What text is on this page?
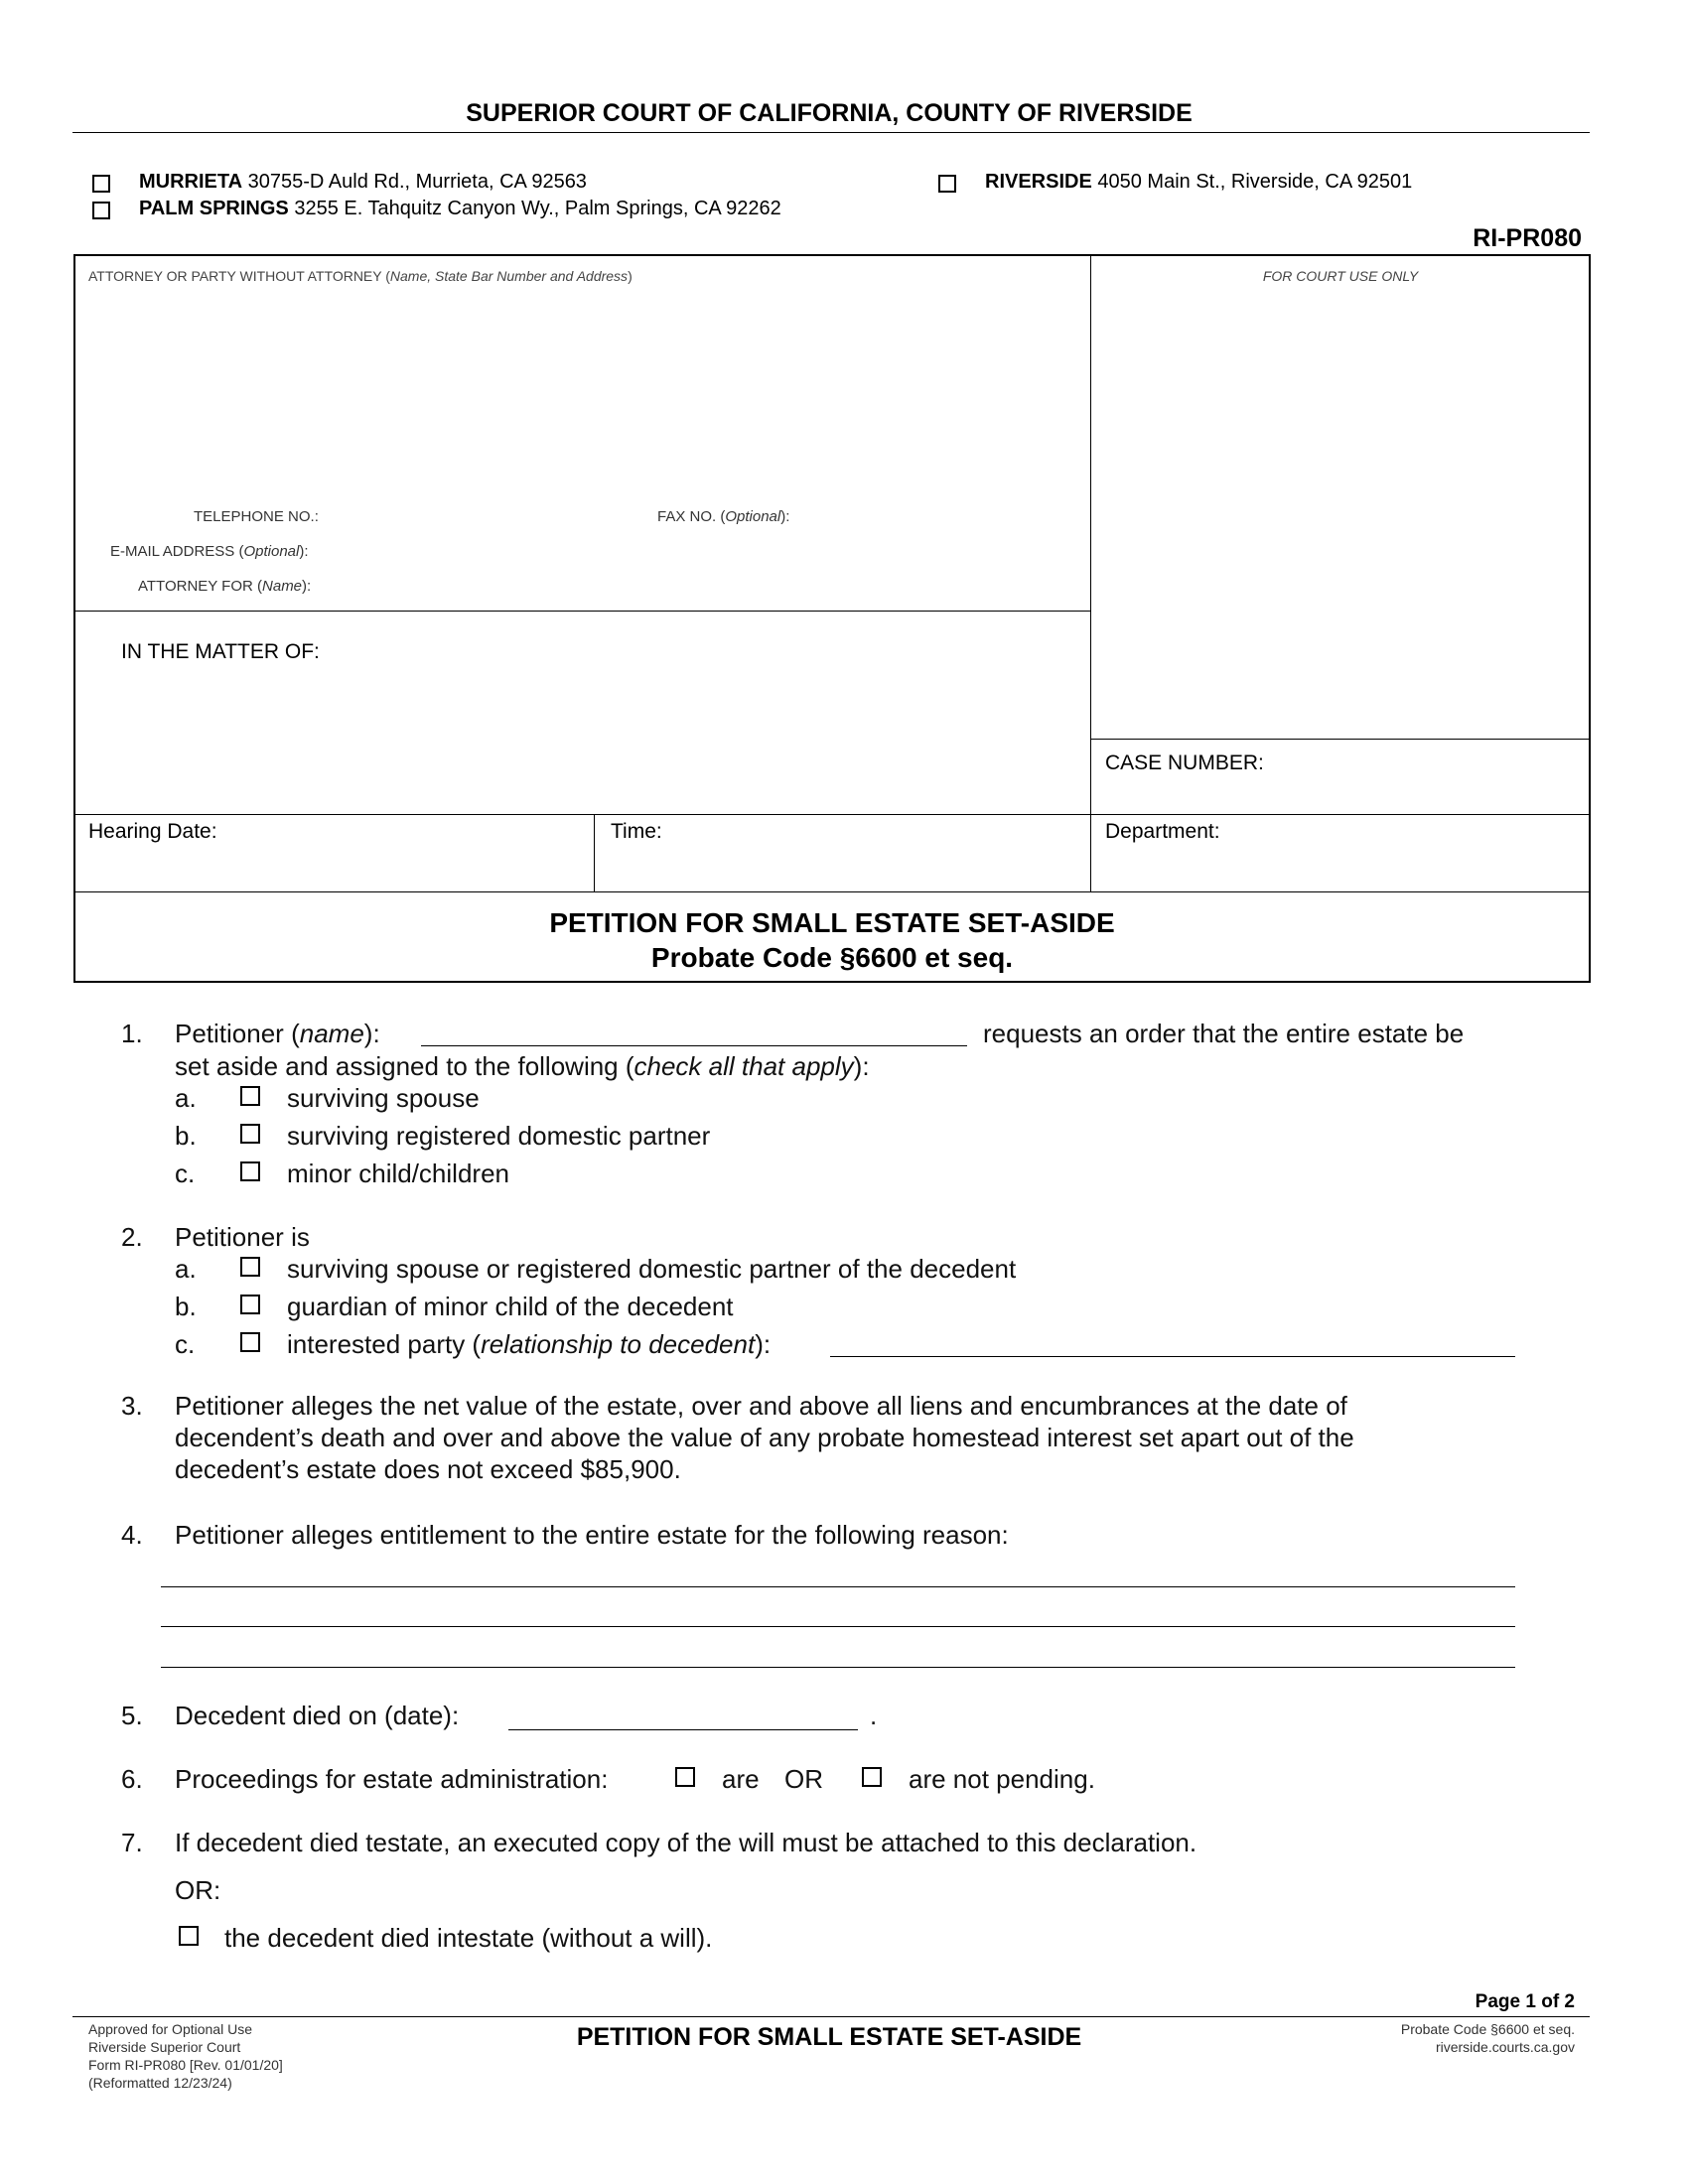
SUPERIOR COURT OF CALIFORNIA, COUNTY OF RIVERSIDE
MURRIETA 30755-D Auld Rd., Murrieta, CA 92563
PALM SPRINGS 3255 E. Tahquitz Canyon Wy., Palm Springs, CA 92262
RIVERSIDE 4050 Main St., Riverside, CA 92501
RI-PR080
ATTORNEY OR PARTY WITHOUT ATTORNEY (Name, State Bar Number and Address)	FOR COURT USE ONLY
TELEPHONE NO.:	FAX NO. (Optional):
E-MAIL ADDRESS (Optional):
ATTORNEY FOR (Name):
IN THE MATTER OF:
CASE NUMBER:
Hearing Date:	Time:	Department:
PETITION FOR SMALL ESTATE SET-ASIDE
Probate Code §6600 et seq.
1. Petitioner (name):	requests an order that the entire estate be
set aside and assigned to the following (check all that apply):
a.	surviving spouse
b.	surviving registered domestic partner
c.	minor child/children
2. Petitioner is
a.	surviving spouse or registered domestic partner of the decedent
b.	guardian of minor child of the decedent
c.	interested party (relationship to decedent):
3. Petitioner alleges the net value of the estate, over and above all liens and encumbrances at the date of
decendent’s death and over and above the value of any probate homestead interest set apart out of the
decedent’s estate does not exceed $85,900.
4. Petitioner alleges entitlement to the entire estate for the following reason:
5. Decedent died on (date):	.
6. Proceedings for estate administration:	are OR	are not pending.
7. If decedent died testate, an executed copy of the will must be attached to this declaration.
OR:
the decedent died intestate (without a will).
Page 1 of 2
Approved for Optional Use
Riverside Superior Court
Form RI-PR080 [Rev. 01/01/20]
(Reformatted 12/23/24)
PETITION FOR SMALL ESTATE SET-ASIDE	Probate Code §6600 et seq.
riverside.courts.ca.gov
